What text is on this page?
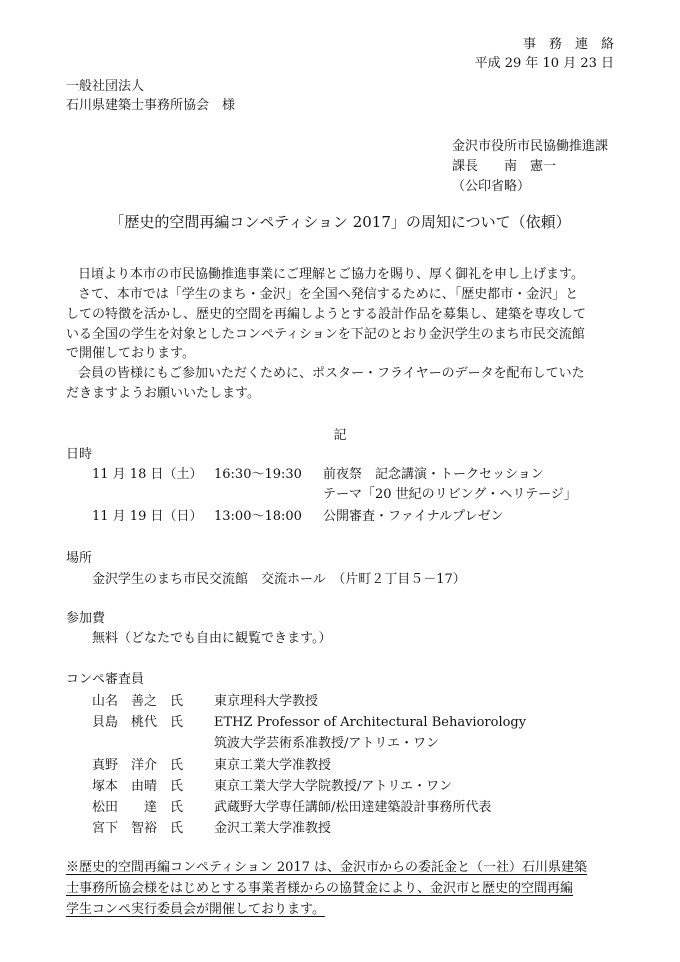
事　務　連　絡
平成 29 年 10 月 23 日
一般社団法人
石川県建築士事務所協会　様
金沢市役所市民協働推進課
課長　　南　憲一
（公印省略）
「歴史的空間再編コンペティション 2017」の周知について（依頼）
日頃より本市の市民協働推進事業にご理解とご協力を賜り、厚く御礼を申し上げます。
さて、本市では「学生のまち・金沢」を全国へ発信するために、「歴史都市・金沢」と
しての特徴を活かし、歴史的空間を再編しようとする設計作品を募集し、建築を専攻して
いる全国の学生を対象としたコンペティションを下記のとおり金沢学生のまち市民交流館
で開催しております。
会員の皆様にもご参加いただくために、ポスター・フライヤーのデータを配布していた
だきますようお願いいたします。
記
日時
11 月 18 日（土） 16:30～19:30 前夜祭　記念講演・トークセッション
テーマ「20 世紀のリビング・ヘリテージ」
11 月 19 日（日） 13:00～18:00 公開審査・ファイナルプレゼン
場所
金沢学生のまち市民交流館　交流ホール　（片町２丁目５－17）
参加費
無料（どなたでも自由に観覧できます。）
コンペ審査員
山名　善之　氏 東京理科大学教授
貝島　桃代　氏 ETHZ Professor of Architectural Behaviorology
筑波大学芸術系准教授/アトリエ・ワン
真野　洋介　氏 東京工業大学准教授
塚本　由晴　氏 東京工業大学大学院教授/アトリエ・ワン
松田　　達　氏 武蔵野大学専任講師/松田達建築設計事務所代表
宮下　智裕　氏 金沢工業大学准教授
※歴史的空間再編コンペティション 2017 は、金沢市からの委託金と（一社）石川県建築
士事務所協会様をはじめとする事業者様からの協賛金により、金沢市と歴史的空間再編
学生コンペ実行委員会が開催しております。
